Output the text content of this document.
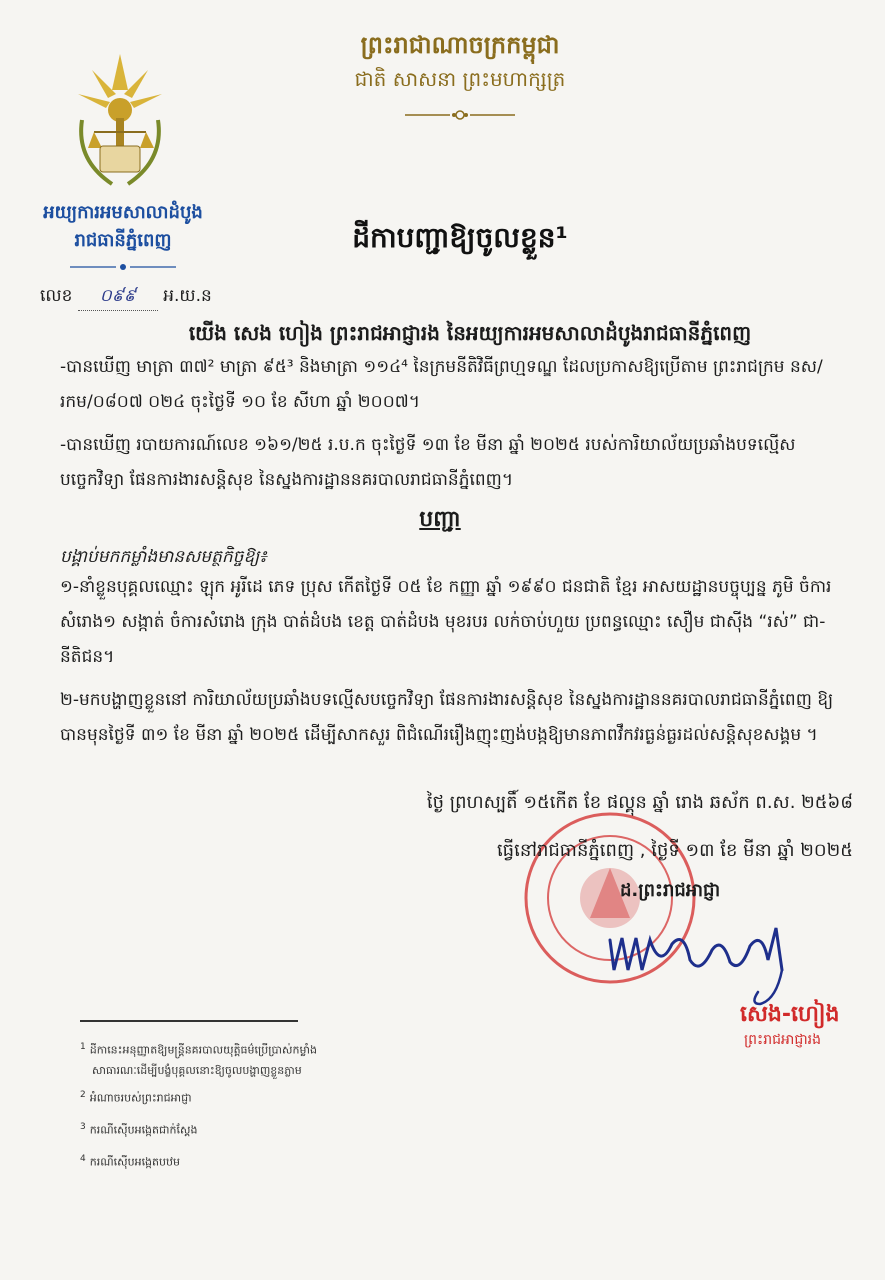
ព្រះរាជាណាចក្រកម្ពុជា
ជាតិ សាសនា ព្រះមហាក្សត្រ
អយ្យការអមសាលាដំបូង
រាជធានីភ្នំពេញ	ដីកាបញ្ជាឱ្យចូលខ្លួន¹
លេខ ០៩៩ អ.យ.ន
យើង សេង ហៀង ព្រះរាជអាជ្ញារង នៃអយ្យការអមសាលាដំបូងរាជធានីភ្នំពេញ
-បានឃើញ មាត្រា ៣៧² មាត្រា ៩៥³ និងមាត្រា ១១៤⁴ នៃក្រមនីតិវិធីព្រហ្មទណ្ឌ ដែលប្រកាសឱ្យប្រើតាម ព្រះរាជក្រម នស/រកម/០៨០៧ ០២៤ ចុះថ្ងៃទី ១០ ខែ សីហា ឆ្នាំ ២០០៧។
-បានឃើញ របាយការណ៍លេខ ១៦១/២៥ រ.ប.ក ចុះថ្ងៃទី ១៣ ខែ មីនា ឆ្នាំ ២០២៥ របស់ការិយាល័យប្រឆាំងបទល្មើសបច្ចេកវិទ្យា ផែនការងារសន្តិសុខ នៃស្នងការដ្ឋាននគរបាលរាជធានីភ្នំពេញ។
បញ្ជា
បង្គាប់មកកម្លាំងមានសមត្ថកិច្ចឱ្យ៖
១-នាំខ្លួនបុគ្គលឈ្មោះ ឡុក អូរីដេ ភេទ ប្រុស កើតថ្ងៃទី ០៥ ខែ កញ្ញា ឆ្នាំ ១៩៩០ ជនជាតិ ខ្មែរ អាសយដ្ឋានបច្ចុប្បន្ន ភូមិ ចំការសំរោង១ សង្កាត់ ចំការសំរោង ក្រុង បាត់ដំបង ខេត្ត បាត់ដំបង មុខរបរ លក់ចាប់ហួយ ប្រពន្ធឈ្មោះ សឿម ជាស៊ីង “រស់” ជា-នីតិជន។
២-មកបង្ហាញខ្លួននៅ ការិយាល័យប្រឆាំងបទល្មើសបច្ចេកវិទ្យា ផែនការងារសន្តិសុខ នៃស្នងការដ្ឋាននគរបាលរាជធានីភ្នំពេញ ឱ្យបានមុនថ្ងៃទី ៣១ ខែ មីនា ឆ្នាំ ២០២៥ ដើម្បីសាកសួរ ពិជំណើររឿងញុះញង់បង្កឱ្យមានភាពវឹកវរធ្ងន់ធ្ងរដល់សន្តិសុខសង្គម ។
ថ្ងៃ ព្រហស្បតិ៍ ១៥កើត ខែ ផល្គុន ឆ្នាំ រោង ឆស័ក ព.ស. ២៥៦៨
ធ្វើនៅរាជធានីភ្នំពេញ , ថ្ងៃទី ១៣ ខែ មីនា ឆ្នាំ ២០២៥
ដ.ព្រះរាជអាជ្ញា
សេង-ហៀង
ព្រះរាជអាជ្ញារង
$^1$ ដីកានេះអនុញ្ញាតឱ្យមន្ត្រីនគរបាលយុត្តិធម៌ប្រើប្រាស់កម្លាំង
សាធារណៈដើម្បីបង្ខំបុគ្គលនោះឱ្យចូលបង្ហាញខ្លួនភ្លាម
$^2$ អំណាចរបស់ព្រះរាជអាជ្ញា
$^3$ ករណីស៊ើបអង្កេតជាក់ស្តែង
$^4$ ករណីស៊ើបអង្កេតបឋម
